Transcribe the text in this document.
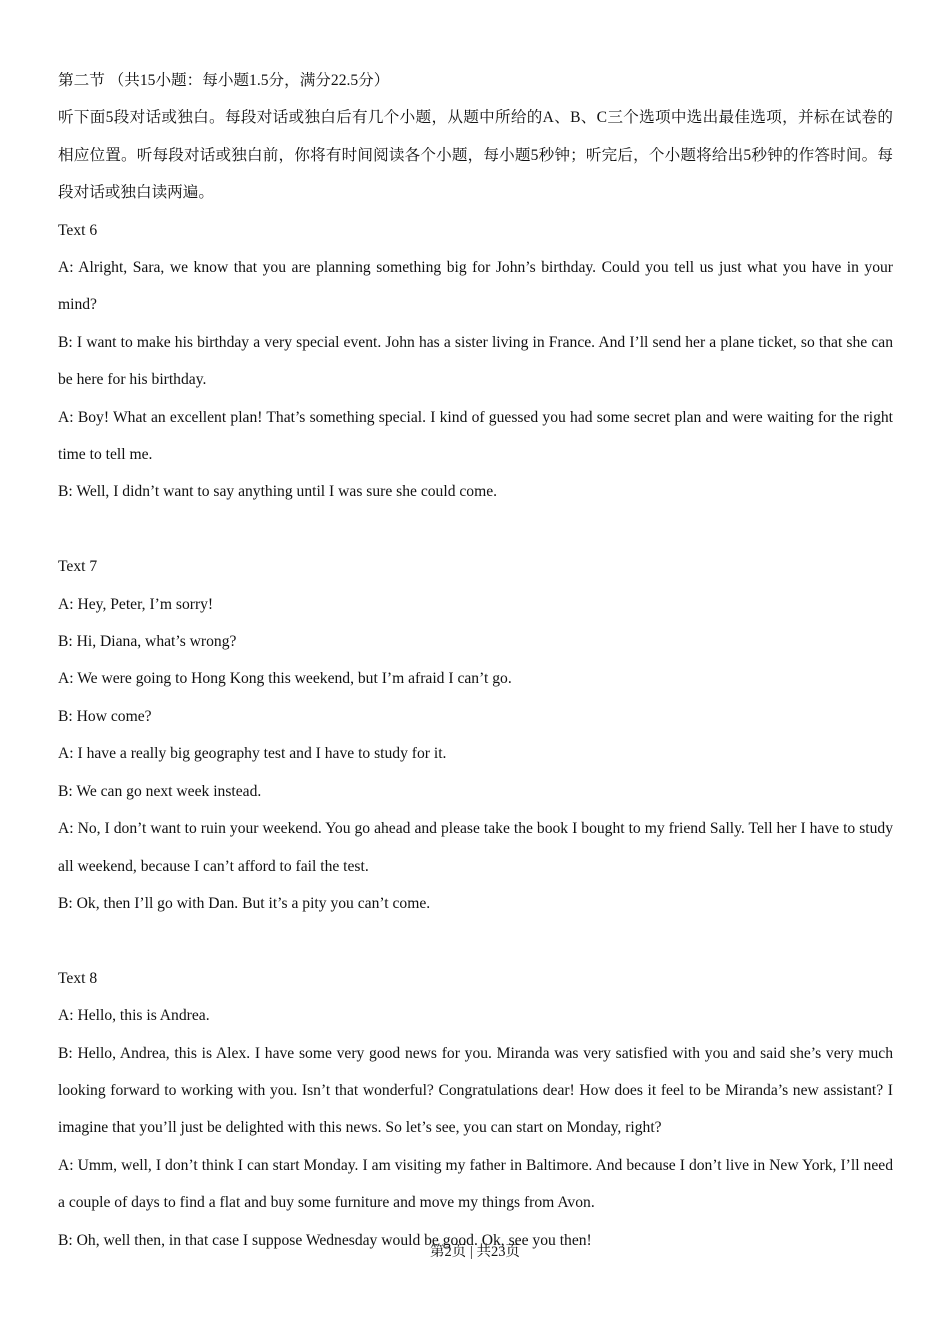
第二节 （共15小题：每小题1.5分，满分22.5分）

听下面5段对话或独白。每段对话或独白后有几个小题，从题中所给的A、B、C三个选项中选出最佳选项，并标在试卷的相应位置。听每段对话或独白前，你将有时间阅读各个小题，每小题5秒钟；听完后，个小题将给出5秒钟的作答时间。每段对话或独白读两遍。

Text 6

A: Alright, Sara, we know that you are planning something big for John’s birthday. Could you tell us just what you have in your mind?

B: I want to make his birthday a very special event. John has a sister living in France. And I’ll send her a plane ticket, so that she can be here for his birthday.

A: Boy! What an excellent plan! That’s something special. I kind of guessed you had some secret plan and were waiting for the right time to tell me.

B: Well, I didn’t want to say anything until I was sure she could come.

Text 7

A: Hey, Peter, I’m sorry!

B: Hi, Diana, what’s wrong?

A: We were going to Hong Kong this weekend, but I’m afraid I can’t go.

B: How come?

A: I have a really big geography test and I have to study for it.

B: We can go next week instead.

A: No, I don’t want to ruin your weekend. You go ahead and please take the book I bought to my friend Sally. Tell her I have to study all weekend, because I can’t afford to fail the test.

B: Ok, then I’ll go with Dan. But it’s a pity you can’t come.

Text 8

A: Hello, this is Andrea.

B: Hello, Andrea, this is Alex. I have some very good news for you. Miranda was very satisfied with you and said she’s very much looking forward to working with you. Isn’t that wonderful? Congratulations dear! How does it feel to be Miranda’s new assistant? I imagine that you’ll just be delighted with this news. So let’s see, you can start on Monday, right?

A: Umm, well, I don’t think I can start Monday. I am visiting my father in Baltimore. And because I don’t live in New York, I’ll need a couple of days to find a flat and buy some furniture and move my things from Avon.

B: Oh, well then, in that case I suppose Wednesday would be good. Ok, see you then!

第2页 | 共23页
